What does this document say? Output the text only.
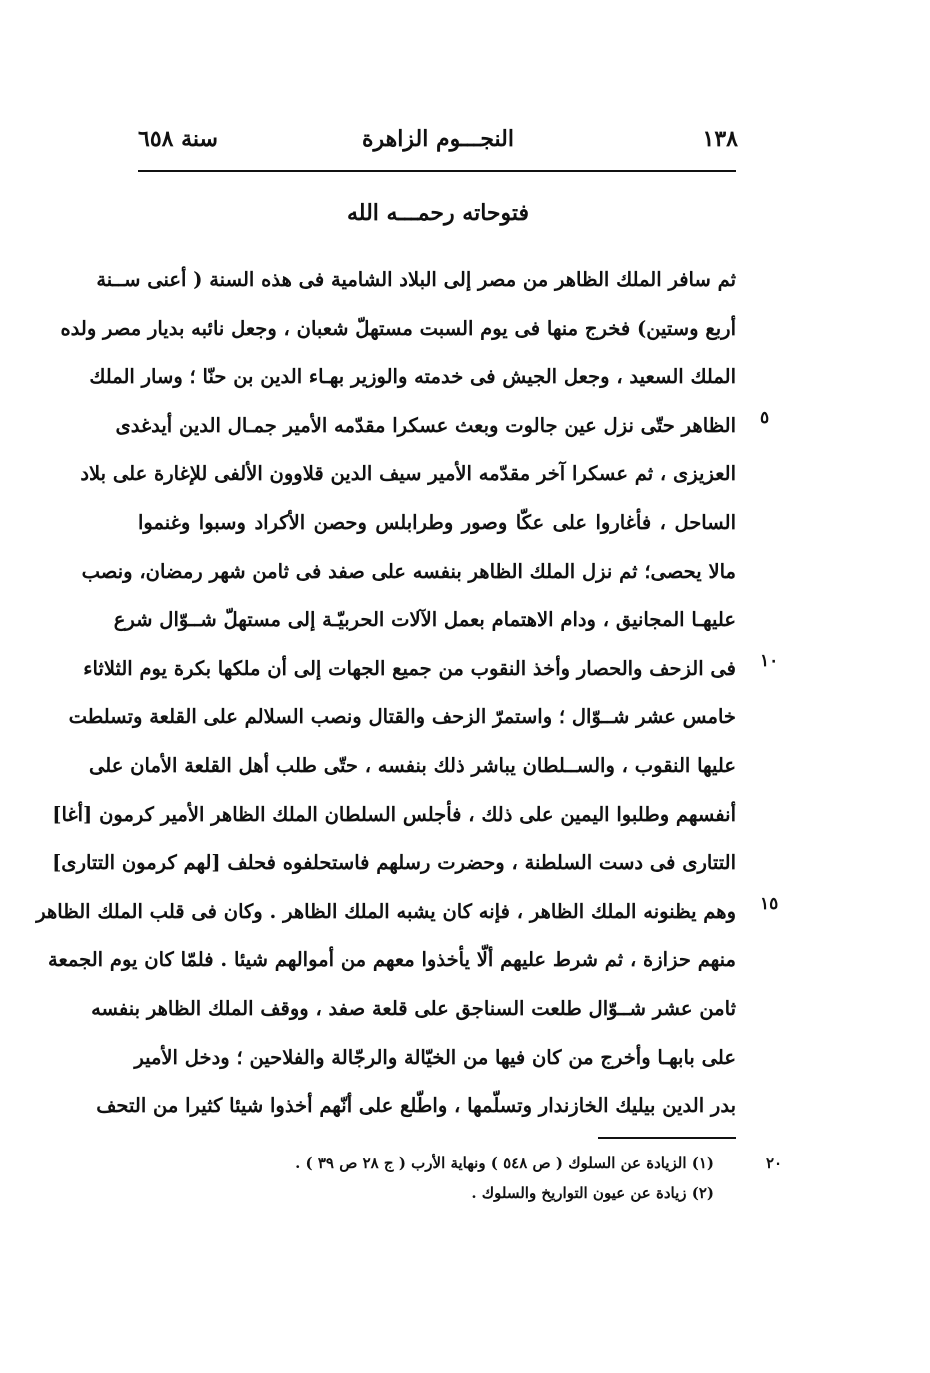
١٣٨
النجـــوم الزاهرة
سنة ٦٥٨
فتوحاته رحمـــه الله
ثم سافر الملك الظاهر من مصر إلى البلاد الشامية فى هذه السنة ( أعنى ســنة
أربع وستين) فخرج منها فى يوم السبت مستهلّ شعبان ، وجعل نائبه بديار مصر ولده
الملك السعيد ، وجعل الجيش فى خدمته والوزير بهـاء الدين بن حنّا ؛ وسار الملك
الظاهر حتّى نزل عين جالوت وبعث عسكرا مقدّمه الأمير جمـال الدين أيدغدى
العزيزى ، ثم عسكرا آخر مقدّمه الأمير سيف الدين قلاوون الألفى للإغارة على بلاد
الساحل ، فأغاروا على عكّا وصور وطرابلس وحصن الأكراد وسبوا وغنموا
مالا يحصى؛ ثم نزل الملك الظاهر بنفسه على صفد فى ثامن شهر رمضان، ونصب
عليهـا المجانيق ، ودام الاهتمام بعمل الآلات الحربيّـة إلى مستهلّ شــوّال شرع
فى الزحف والحصار وأخذ النقوب من جميع الجهات إلى أن ملكها بكرة يوم الثلاثاء
خامس عشر شــوّال ؛ واستمرّ الزحف والقتال ونصب السلالم على القلعة وتسلطت
عليها النقوب ، والســلطان يباشر ذلك بنفسه ، حتّى طلب أهل القلعة الأمان على
أنفسهم وطلبوا اليمين على ذلك ، فأجلس السلطان الملك الظاهر الأمير كرمون [أغا]
التتارى فى دست السلطنة ، وحضرت رسلهم فاستحلفوه فحلف [لهم كرمون التتارى]
وهم يظنونه الملك الظاهر ، فإنه كان يشبه الملك الظاهر . وكان فى قلب الملك الظاهر
منهم حزازة ، ثم شرط عليهم ألّا يأخذوا معهم من أموالهم شيئا . فلمّا كان يوم الجمعة
ثامن عشر شــوّال طلعت السناجق على قلعة صفد ، ووقف الملك الظاهر بنفسه
على بابهـا وأخرج من كان فيها من الخيّالة والرجّالة والفلاحين ؛ ودخل الأمير
بدر الدين بيليك الخازندار وتسلّمها ، واطّلع على أنّهم أخذوا شيئا كثيرا من التحف
٥
١٠
١٥
٢٠
(١) الزيادة عن السلوك ( ص ٥٤٨ ) ونهاية الأرب ( ج ٢٨ ص ٣٩ ) .
(٢) زيادة عن عيون التواريخ والسلوك .
